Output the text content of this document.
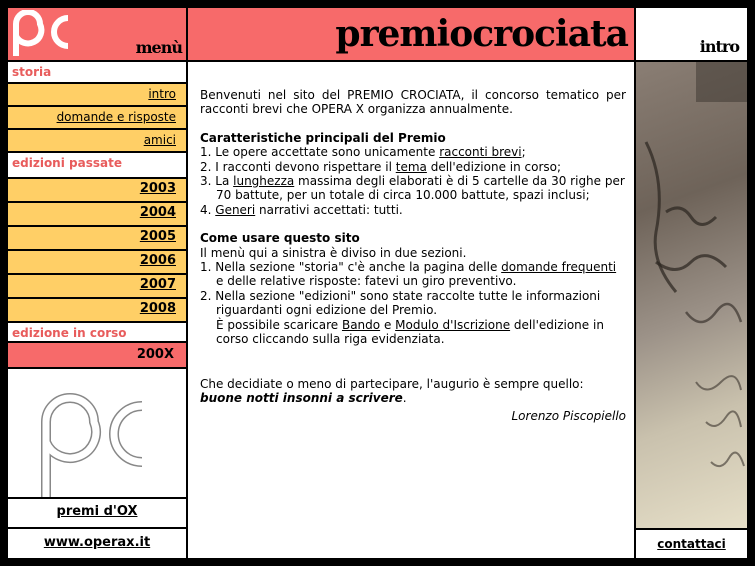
menù	premiocrociata	intro
storia
intro
domande e risposte
amici
edizioni passate
2003
2004
2005
2006
2007
2008
edizione in corso
200X
premi d'OX
www.operax.it

Benvenuti nel sito del PREMIO CROCIATA, il concorso tematico per racconti brevi che OPERA X organizza annualmente.

Caratteristiche principali del Premio

1. Le opere accettate sono unicamente racconti brevi;
2. I racconti devono rispettare il tema dell'edizione in corso;
3. La lunghezza massima degli elaborati è di 5 cartelle da 30 righe per 70 battute, per un totale di circa 10.000 battute, spazi inclusi;
4. Generi narrativi accettati: tutti.

Come usare questo sito

Il menù qui a sinistra è diviso in due sezioni.

1. Nella sezione "storia" c'è anche la pagina delle domande frequenti e delle relative risposte: fatevi un giro preventivo.
2. Nella sezione "edizioni" sono state raccolte tutte le informazioni riguardanti ogni edizione del Premio.
È possibile scaricare Bando e Modulo d'Iscrizione dell'edizione in corso cliccando sulla riga evidenziata.

Che decidiate o meno di partecipare, l'augurio è sempre quello:
buone notti insonni a scrivere.

Lorenzo Piscopiello

contattaci
